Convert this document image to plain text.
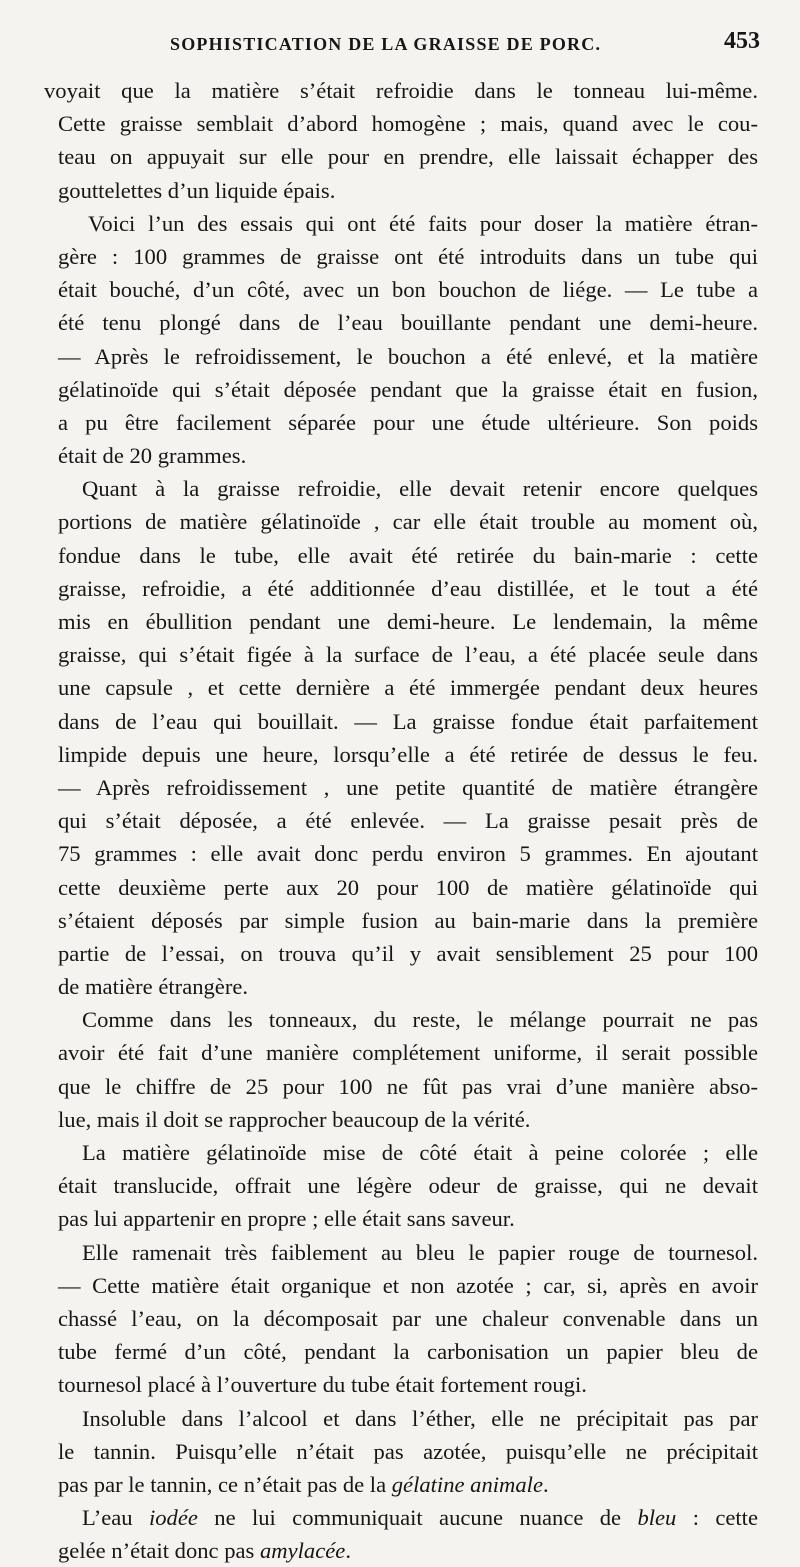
SOPHISTICATION DE LA GRAISSE DE PORC.	453
voyait que la matière s’était refroidie dans le tonneau lui-même.
Cette graisse semblait d’abord homogène ; mais, quand avec le cou-
teau on appuyait sur elle pour en prendre, elle laissait échapper des
gouttelettes d’un liquide épais.
Voici l’un des essais qui ont été faits pour doser la matière étran-
gère : 100 grammes de graisse ont été introduits dans un tube qui
était bouché, d’un côté, avec un bon bouchon de liége. — Le tube a
été tenu plongé dans de l’eau bouillante pendant une demi-heure.
— Après le refroidissement, le bouchon a été enlevé, et la matière
gélatinoïde qui s’était déposée pendant que la graisse était en fusion,
a pu être facilement séparée pour une étude ultérieure. Son poids
était de 20 grammes.
Quant à la graisse refroidie, elle devait retenir encore quelques
portions de matière gélatinoïde , car elle était trouble au moment où,
fondue dans le tube, elle avait été retirée du bain-marie : cette
graisse, refroidie, a été additionnée d’eau distillée, et le tout a été
mis en ébullition pendant une demi-heure. Le lendemain, la même
graisse, qui s’était figée à la surface de l’eau, a été placée seule dans
une capsule , et cette dernière a été immergée pendant deux heures
dans de l’eau qui bouillait. — La graisse fondue était parfaitement
limpide depuis une heure, lorsqu’elle a été retirée de dessus le feu.
— Après refroidissement , une petite quantité de matière étrangère
qui s’était déposée, a été enlevée. — La graisse pesait près de
75 grammes : elle avait donc perdu environ 5 grammes. En ajoutant
cette deuxième perte aux 20 pour 100 de matière gélatinoïde qui
s’étaient déposés par simple fusion au bain-marie dans la première
partie de l’essai, on trouva qu’il y avait sensiblement 25 pour 100
de matière étrangère.
Comme dans les tonneaux, du reste, le mélange pourrait ne pas
avoir été fait d’une manière complétement uniforme, il serait possible
que le chiffre de 25 pour 100 ne fût pas vrai d’une manière abso-
lue, mais il doit se rapprocher beaucoup de la vérité.
La matière gélatinoïde mise de côté était à peine colorée ; elle
était translucide, offrait une légère odeur de graisse, qui ne devait
pas lui appartenir en propre ; elle était sans saveur.
Elle ramenait très faiblement au bleu le papier rouge de tournesol.
— Cette matière était organique et non azotée ; car, si, après en avoir
chassé l’eau, on la décomposait par une chaleur convenable dans un
tube fermé d’un côté, pendant la carbonisation un papier bleu de
tournesol placé à l’ouverture du tube était fortement rougi.
Insoluble dans l’alcool et dans l’éther, elle ne précipitait pas par
le tannin. Puisqu’elle n’était pas azotée, puisqu’elle ne précipitait
pas par le tannin, ce n’était pas de la gélatine animale.
L’eau iodée ne lui communiquait aucune nuance de bleu : cette
gelée n’était donc pas amylacée.
